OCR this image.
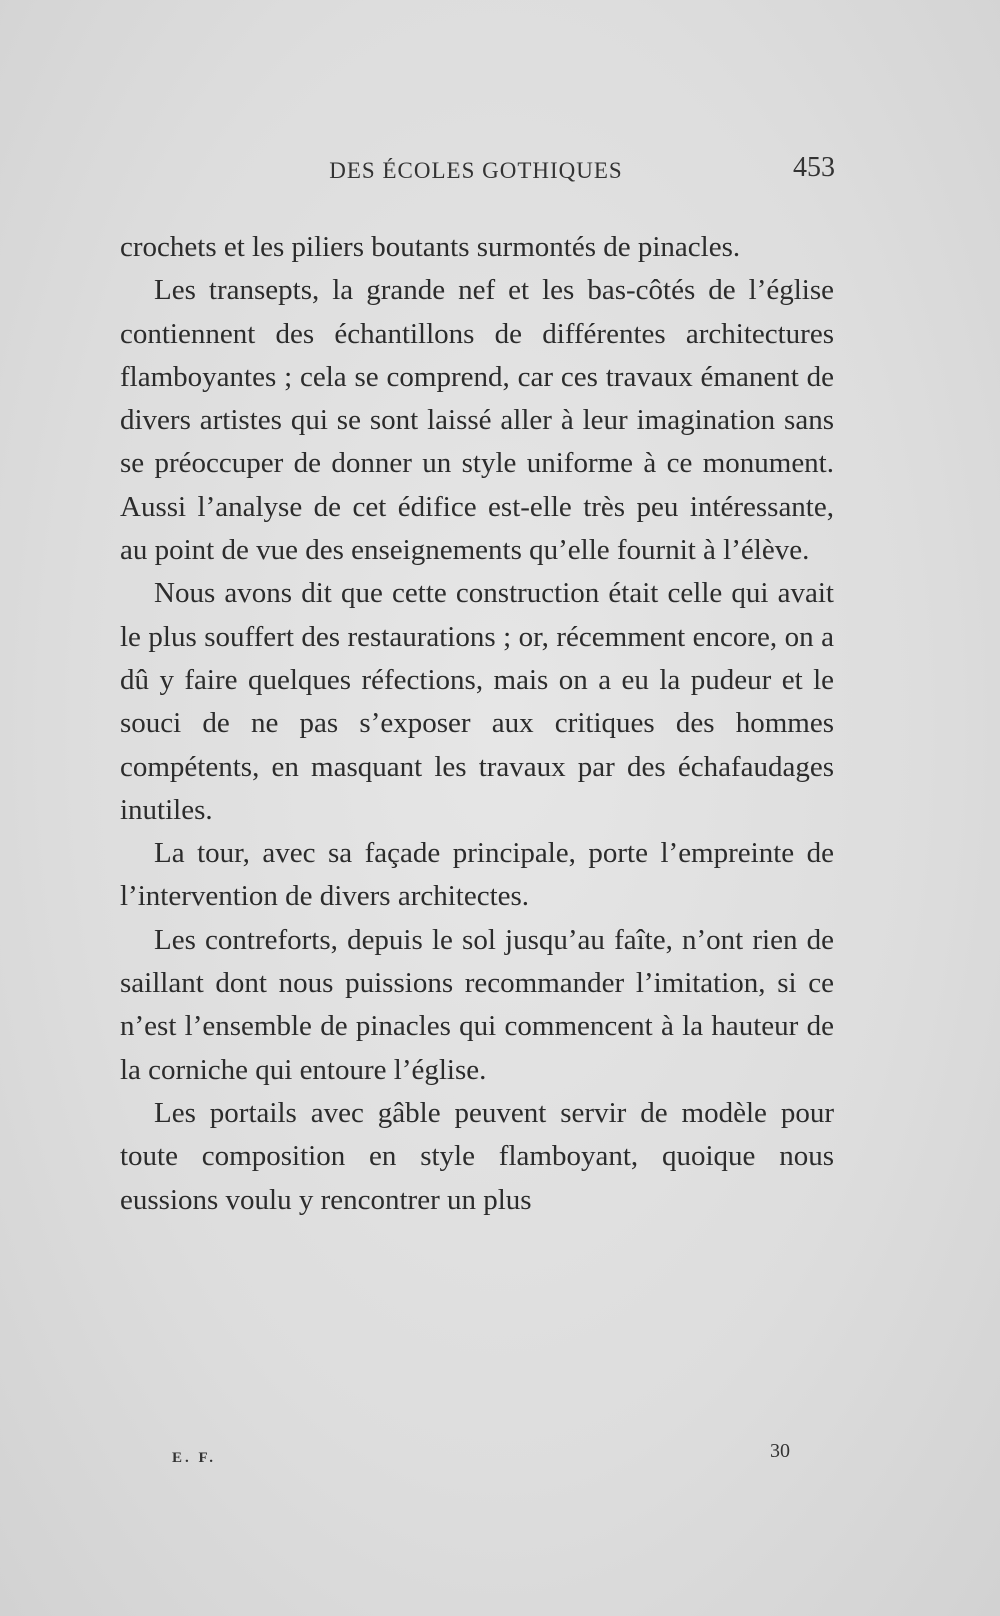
DES ÉCOLES GOTHIQUES	453

crochets et les piliers boutants surmontés de pinacles.

Les transepts, la grande nef et les bas-côtés de l’église contiennent des échantillons de différentes architectures flamboyantes ; cela se comprend, car ces travaux émanent de divers artistes qui se sont laissé aller à leur imagination sans se préoccuper de donner un style uniforme à ce monument. Aussi l’analyse de cet édifice est-elle très peu intéressante, au point de vue des enseignements qu’elle fournit à l’élève.

Nous avons dit que cette construction était celle qui avait le plus souffert des restaurations ; or, récemment encore, on a dû y faire quelques réfections, mais on a eu la pudeur et le souci de ne pas s’exposer aux critiques des hommes compétents, en masquant les travaux par des échafaudages inutiles.

La tour, avec sa façade principale, porte l’empreinte de l’intervention de divers architectes.

Les contreforts, depuis le sol jusqu’au faîte, n’ont rien de saillant dont nous puissions recommander l’imitation, si ce n’est l’ensemble de pinacles qui commencent à la hauteur de la corniche qui entoure l’église.

Les portails avec gâble peuvent servir de modèle pour toute composition en style flamboyant, quoique nous eussions voulu y rencontrer un plus

E. F.	30
